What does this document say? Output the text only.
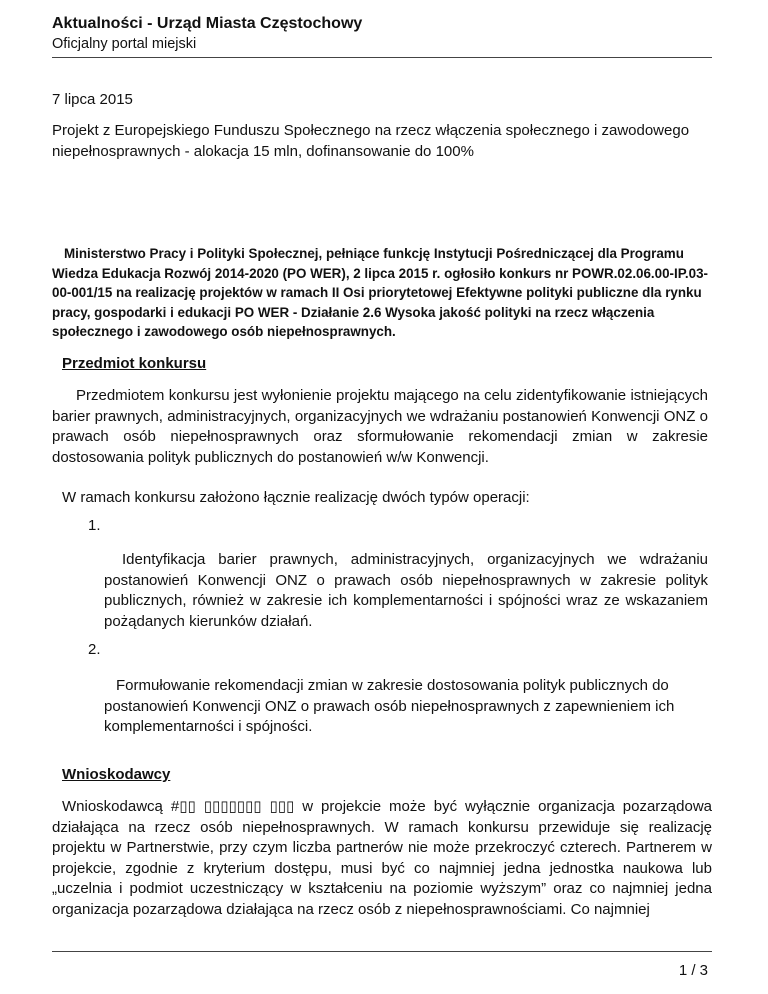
Aktualności - Urząd Miasta Częstochowy
Oficjalny portal miejski
7 lipca 2015
Projekt z Europejskiego Funduszu Społecznego na rzecz włączenia społecznego i zawodowego niepełnosprawnych - alokacja 15 mln, dofinansowanie do 100%
Ministerstwo Pracy i Polityki Społecznej, pełniące funkcję Instytucji Pośredniczącej dla Programu Wiedza Edukacja Rozwój 2014-2020 (PO WER), 2 lipca 2015 r. ogłosiło konkurs nr POWR.02.06.00-IP.03-00-001/15 na realizację projektów w ramach II Osi priorytetowej Efektywne polityki publiczne dla rynku pracy, gospodarki i edukacji PO WER - Działanie 2.6 Wysoka jakość polityki na rzecz włączenia społecznego i zawodowego osób niepełnosprawnych.
Przedmiot konkursu
Przedmiotem konkursu jest wyłonienie projektu mającego na celu zidentyfikowanie istniejących barier prawnych, administracyjnych, organizacyjnych we wdrażaniu postanowień Konwencji ONZ o prawach osób niepełnosprawnych oraz sformułowanie rekomendacji zmian w zakresie dostosowania polityk publicznych do postanowień w/w Konwencji.
W ramach konkursu założono łącznie realizację dwóch typów operacji:
1.
Identyfikacja barier prawnych, administracyjnych, organizacyjnych we wdrażaniu postanowień Konwencji ONZ o prawach osób niepełnosprawnych w zakresie polityk publicznych, również w zakresie ich komplementarności i spójności wraz ze wskazaniem pożądanych kierunków działań.
2.
Formułowanie rekomendacji zmian w zakresie dostosowania polityk publicznych do postanowień Konwencji ONZ o prawach osób niepełnosprawnych z zapewnieniem ich komplementarności i spójności.
Wnioskodawcy
Wnioskodawcą #▯▯ ▯▯▯▯▯▯▯ ▯▯▯ w projekcie może być wyłącznie organizacja pozarządowa działająca na rzecz osób niepełnosprawnych. W ramach konkursu przewiduje się realizację projektu w Partnerstwie, przy czym liczba partnerów nie może przekroczyć czterech. Partnerem w projekcie, zgodnie z kryterium dostępu, musi być co najmniej jedna jednostka naukowa lub „uczelnia i podmiot uczestniczący w kształceniu na poziomie wyższym” oraz co najmniej jedna organizacja pozarządowa działająca na rzecz osób z niepełnosprawnościami. Co najmniej
1 / 3
